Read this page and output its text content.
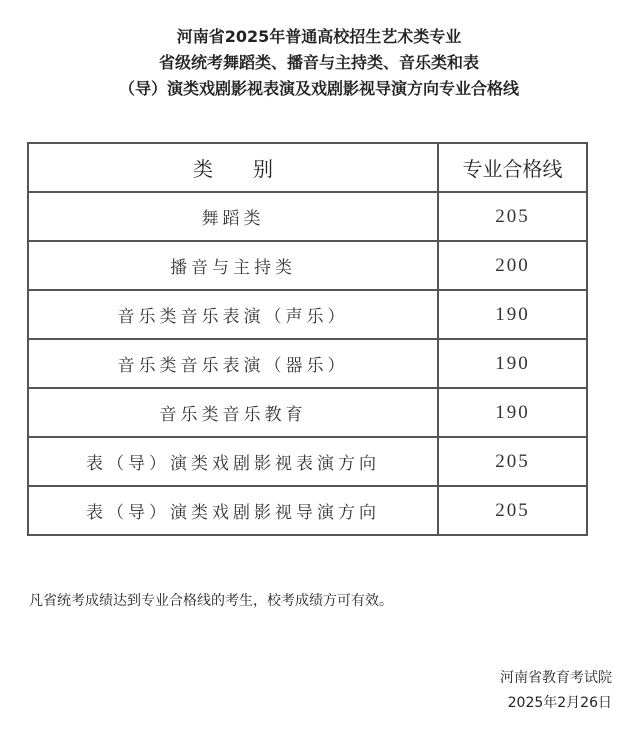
河南省2025年普通高校招生艺术类专业
省级统考舞蹈类、播音与主持类、音乐类和表
（导）演类戏剧影视表演及戏剧影视导演方向专业合格线
类　　别	专业合格线
舞蹈类	205
播音与主持类	200
音乐类音乐表演（声乐）	190
音乐类音乐表演（器乐）	190
音乐类音乐教育	190
表（导）演类戏剧影视表演方向	205
表（导）演类戏剧影视导演方向	205
凡省统考成绩达到专业合格线的考生，校考成绩方可有效。
河南省教育考试院
2025年2月26日
